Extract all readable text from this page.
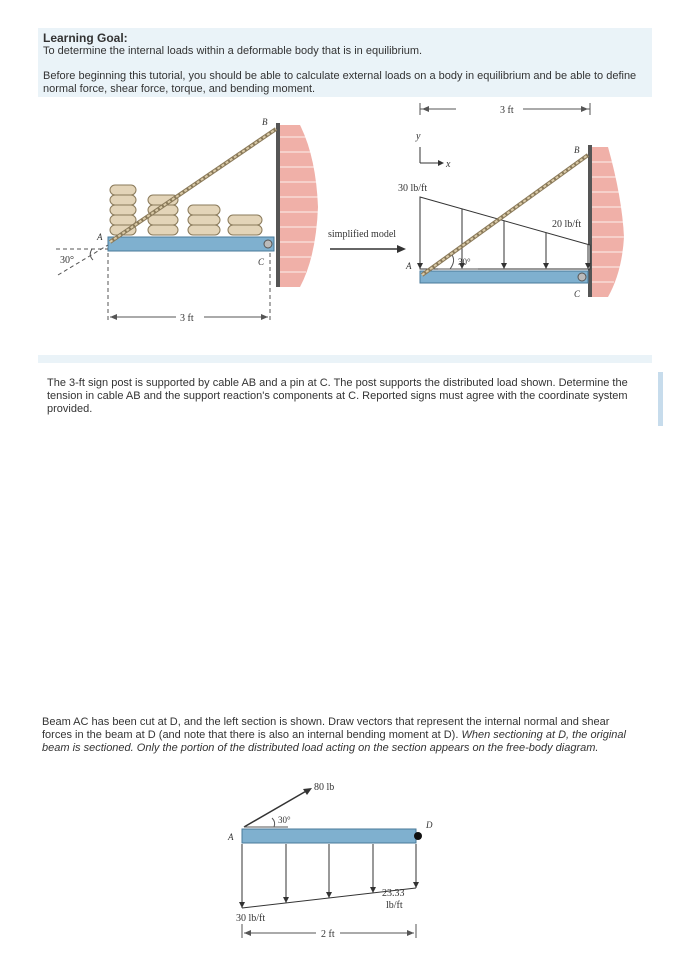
Learning Goal:
To determine the internal loads within a deformable body that is in equilibrium.
Before beginning this tutorial, you should be able to calculate external loads on a body in equilibrium and be able to define normal force, shear force, torque, and bending moment.
30°
A
B
C
3 ft
simplified model
3 ft
y
x
30 lb/ft
20 lb/ft
30°
A
B
C
The 3-ft sign post is supported by cable AB and a pin at C. The post supports the distributed load shown. Determine the tension in cable AB and the support reaction's components at C. Reported signs must agree with the coordinate system provided.
Beam AC has been cut at D, and the left section is shown. Draw vectors that represent the internal normal and shear forces in the beam at D (and note that there is also an internal bending moment at D). When sectioning at D, the original beam is sectioned. Only the portion of the distributed load acting on the section appears on the free-body diagram.
80 lb
30°
A
D
23.33
lb/ft
30 lb/ft
2 ft
